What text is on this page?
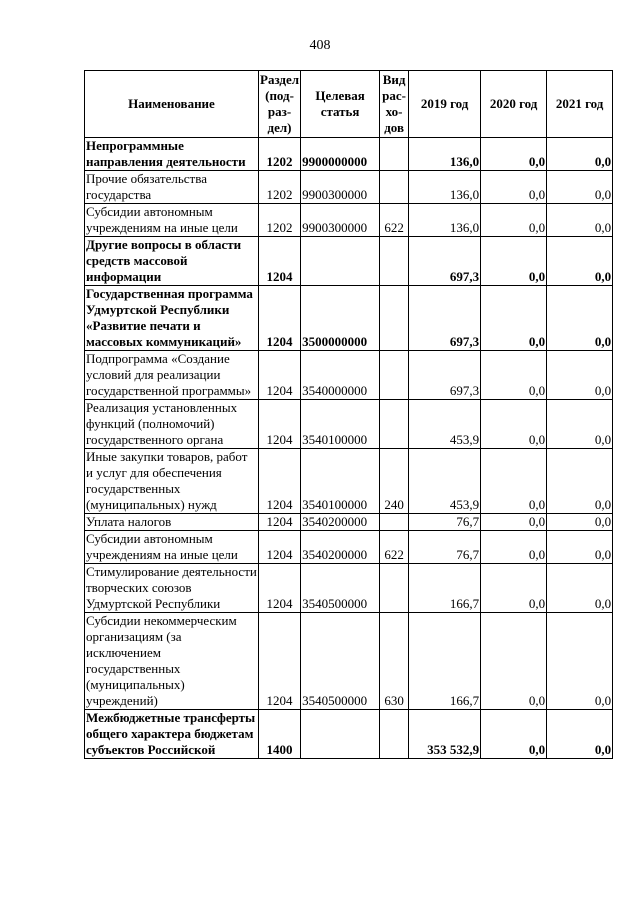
408
Наименование	Раздел (под-раз-дел)	Целевая статья	Вид рас-хо-дов	2019 год	2020 год	2021 год
Непрограммные направления деятельности	1202	9900000000		136,0	0,0	0,0
Прочие обязательства государства	1202	9900300000		136,0	0,0	0,0
Субсидии автономным учреждениям на иные цели	1202	9900300000	622	136,0	0,0	0,0
Другие вопросы в области средств массовой информации	1204			697,3	0,0	0,0
Государственная программа Удмуртской Республики «Развитие печати и массовых коммуникаций»	1204	3500000000		697,3	0,0	0,0
Подпрограмма «Создание условий для реализации государственной программы»	1204	3540000000		697,3	0,0	0,0
Реализация установленных функций (полномочий) государственного органа	1204	3540100000		453,9	0,0	0,0
Иные закупки товаров, работ и услуг для обеспечения государственных (муниципальных) нужд	1204	3540100000	240	453,9	0,0	0,0
Уплата налогов	1204	3540200000		76,7	0,0	0,0
Субсидии автономным учреждениям на иные цели	1204	3540200000	622	76,7	0,0	0,0
Стимулирование деятельности творческих союзов Удмуртской Республики	1204	3540500000		166,7	0,0	0,0
Субсидии некоммерческим организациям (за исключением государственных (муниципальных) учреждений)	1204	3540500000	630	166,7	0,0	0,0
Межбюджетные трансферты общего характера бюджетам субъектов Российской	1400			353 532,9	0,0	0,0
